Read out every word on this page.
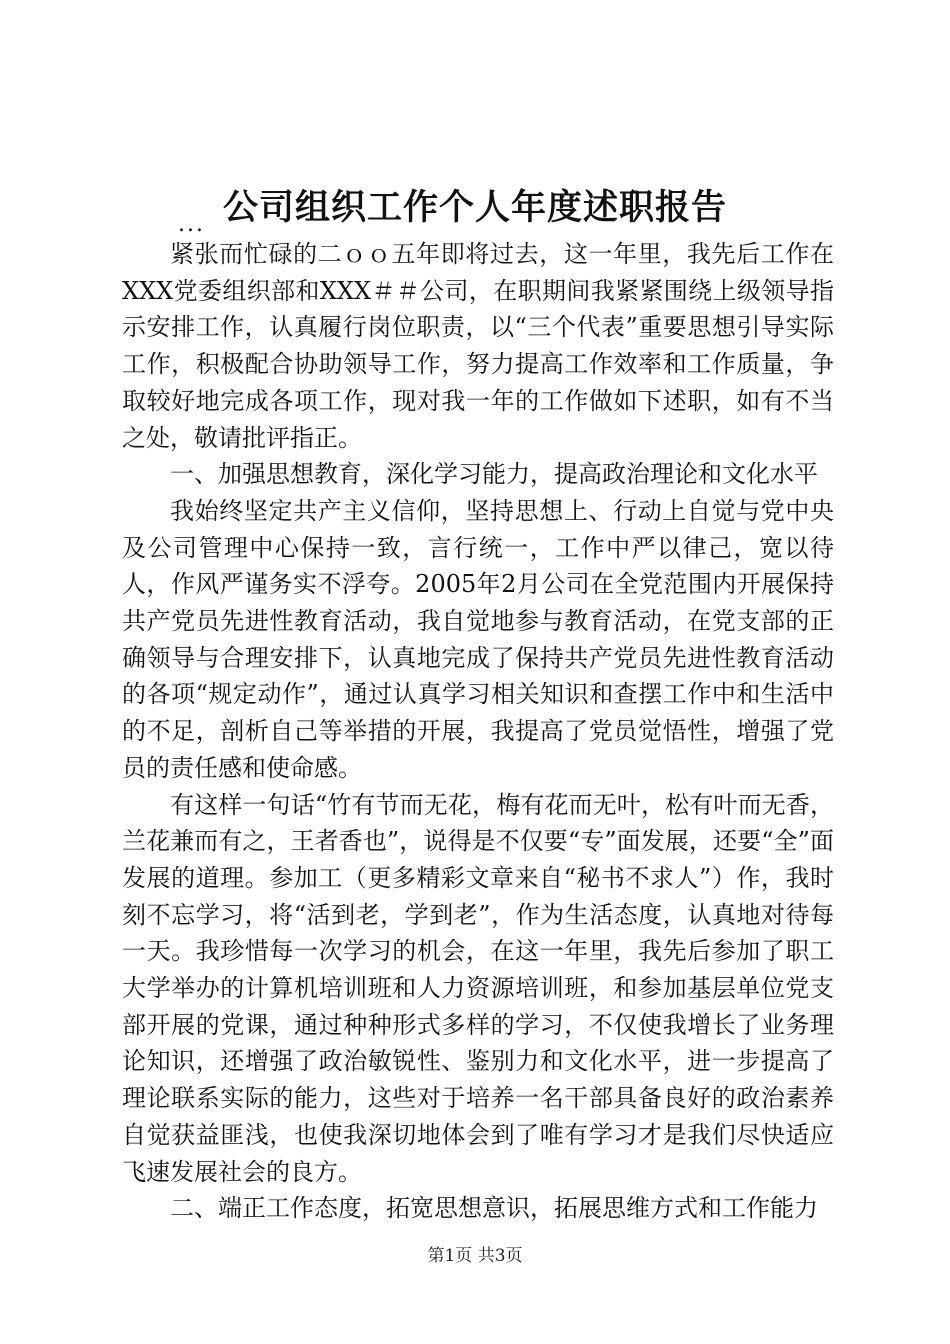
公司组织工作个人年度述职报告
...

紧张而忙碌的二ｏｏ五年即将过去，这一年里，我先后工作在XXX党委组织部和XXX＃＃公司，在职期间我紧紧围绕上级领导指示安排工作，认真履行岗位职责，以“三个代表”重要思想引导实际工作，积极配合协助领导工作，努力提高工作效率和工作质量，争取较好地完成各项工作，现对我一年的工作做如下述职，如有不当之处，敬请批评指正。

一、加强思想教育，深化学习能力，提高政治理论和文化水平

我始终坚定共产主义信仰，坚持思想上、行动上自觉与党中央及公司管理中心保持一致，言行统一，工作中严以律己，宽以待人，作风严谨务实不浮夸。2005年2月公司在全党范围内开展保持共产党员先进性教育活动，我自觉地参与教育活动，在党支部的正确领导与合理安排下，认真地完成了保持共产党员先进性教育活动的各项“规定动作”，通过认真学习相关知识和查摆工作中和生活中的不足，剖析自己等举措的开展，我提高了党员觉悟性，增强了党员的责任感和使命感。

有这样一句话“竹有节而无花，梅有花而无叶，松有叶而无香，兰花兼而有之，王者香也”，说得是不仅要“专”面发展，还要“全”面发展的道理。参加工（更多精彩文章来自“秘书不求人”）作，我时刻不忘学习，将“活到老，学到老”，作为生活态度，认真地对待每一天。我珍惜每一次学习的机会，在这一年里，我先后参加了职工大学举办的计算机培训班和人力资源培训班，和参加基层单位党支部开展的党课，通过种种形式多样的学习，不仅使我增长了业务理论知识，还增强了政治敏锐性、鉴别力和文化水平，进一步提高了理论联系实际的能力，这些对于培养一名干部具备良好的政治素养自觉获益匪浅，也使我深切地体会到了唯有学习才是我们尽快适应飞速发展社会的良方。

二、端正工作态度，拓宽思想意识，拓展思维方式和工作能力

第1页 共3页
